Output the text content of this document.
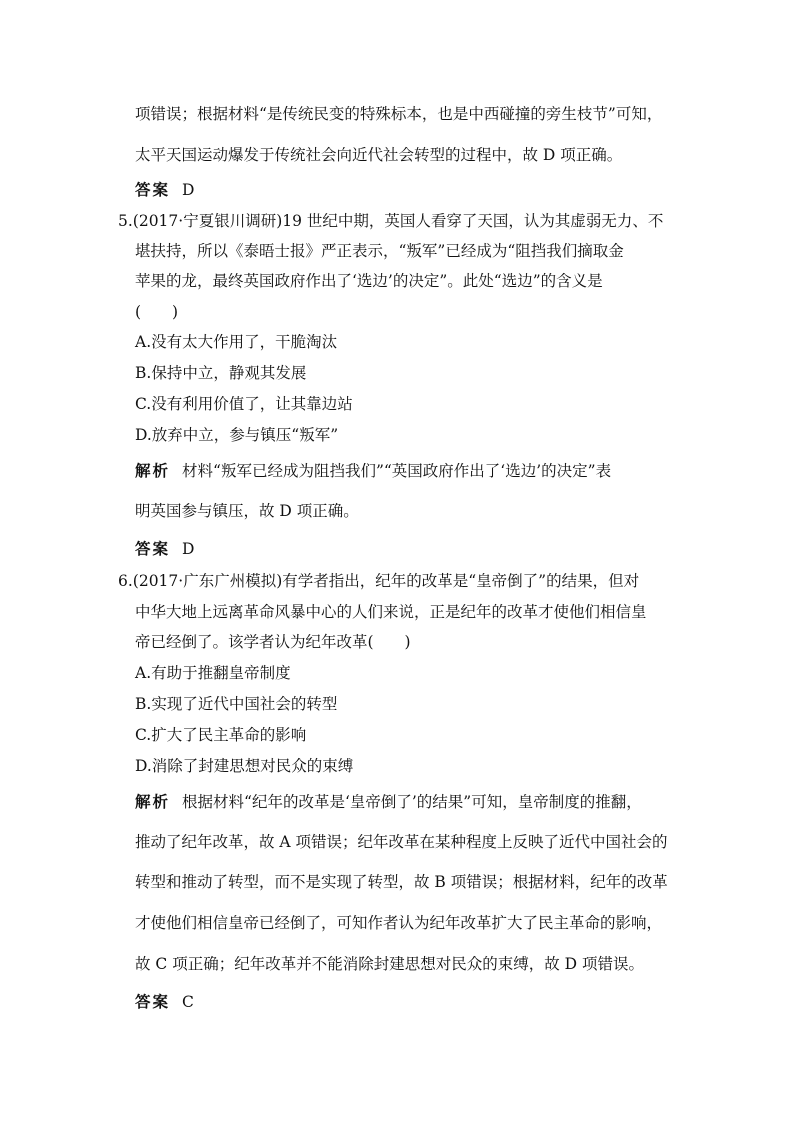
项错误；根据材料“是传统民变的特殊标本，也是中西碰撞的旁生枝节”可知，
太平天国运动爆发于传统社会向近代社会转型的过程中，故 D 项正确。
答案 D
5.(2017·宁夏银川调研)19 世纪中期，英国人看穿了天国，认为其虚弱无力、不
堪扶持，所以《泰晤士报》严正表示，“叛军”已经成为“阻挡我们摘取金
苹果的龙，最终英国政府作出了‘选边’的决定”。此处“选边”的含义是
(　　)
A.没有太大作用了，干脆淘汰
B.保持中立，静观其发展
C.没有利用价值了，让其靠边站
D.放弃中立，参与镇压“叛军”
解析 材料“叛军已经成为阻挡我们”“英国政府作出了‘选边’的决定”表
明英国参与镇压，故 D 项正确。
答案 D
6.(2017·广东广州模拟)有学者指出，纪年的改革是“皇帝倒了”的结果，但对
中华大地上远离革命风暴中心的人们来说，正是纪年的改革才使他们相信皇
帝已经倒了。该学者认为纪年改革(　　)
A.有助于推翻皇帝制度
B.实现了近代中国社会的转型
C.扩大了民主革命的影响
D.消除了封建思想对民众的束缚
解析 根据材料“纪年的改革是‘皇帝倒了’的结果”可知，皇帝制度的推翻，
推动了纪年改革，故 A 项错误；纪年改革在某种程度上反映了近代中国社会的
转型和推动了转型，而不是实现了转型，故 B 项错误；根据材料，纪年的改革
才使他们相信皇帝已经倒了，可知作者认为纪年改革扩大了民主革命的影响，
故 C 项正确；纪年改革并不能消除封建思想对民众的束缚，故 D 项错误。
答案 C
